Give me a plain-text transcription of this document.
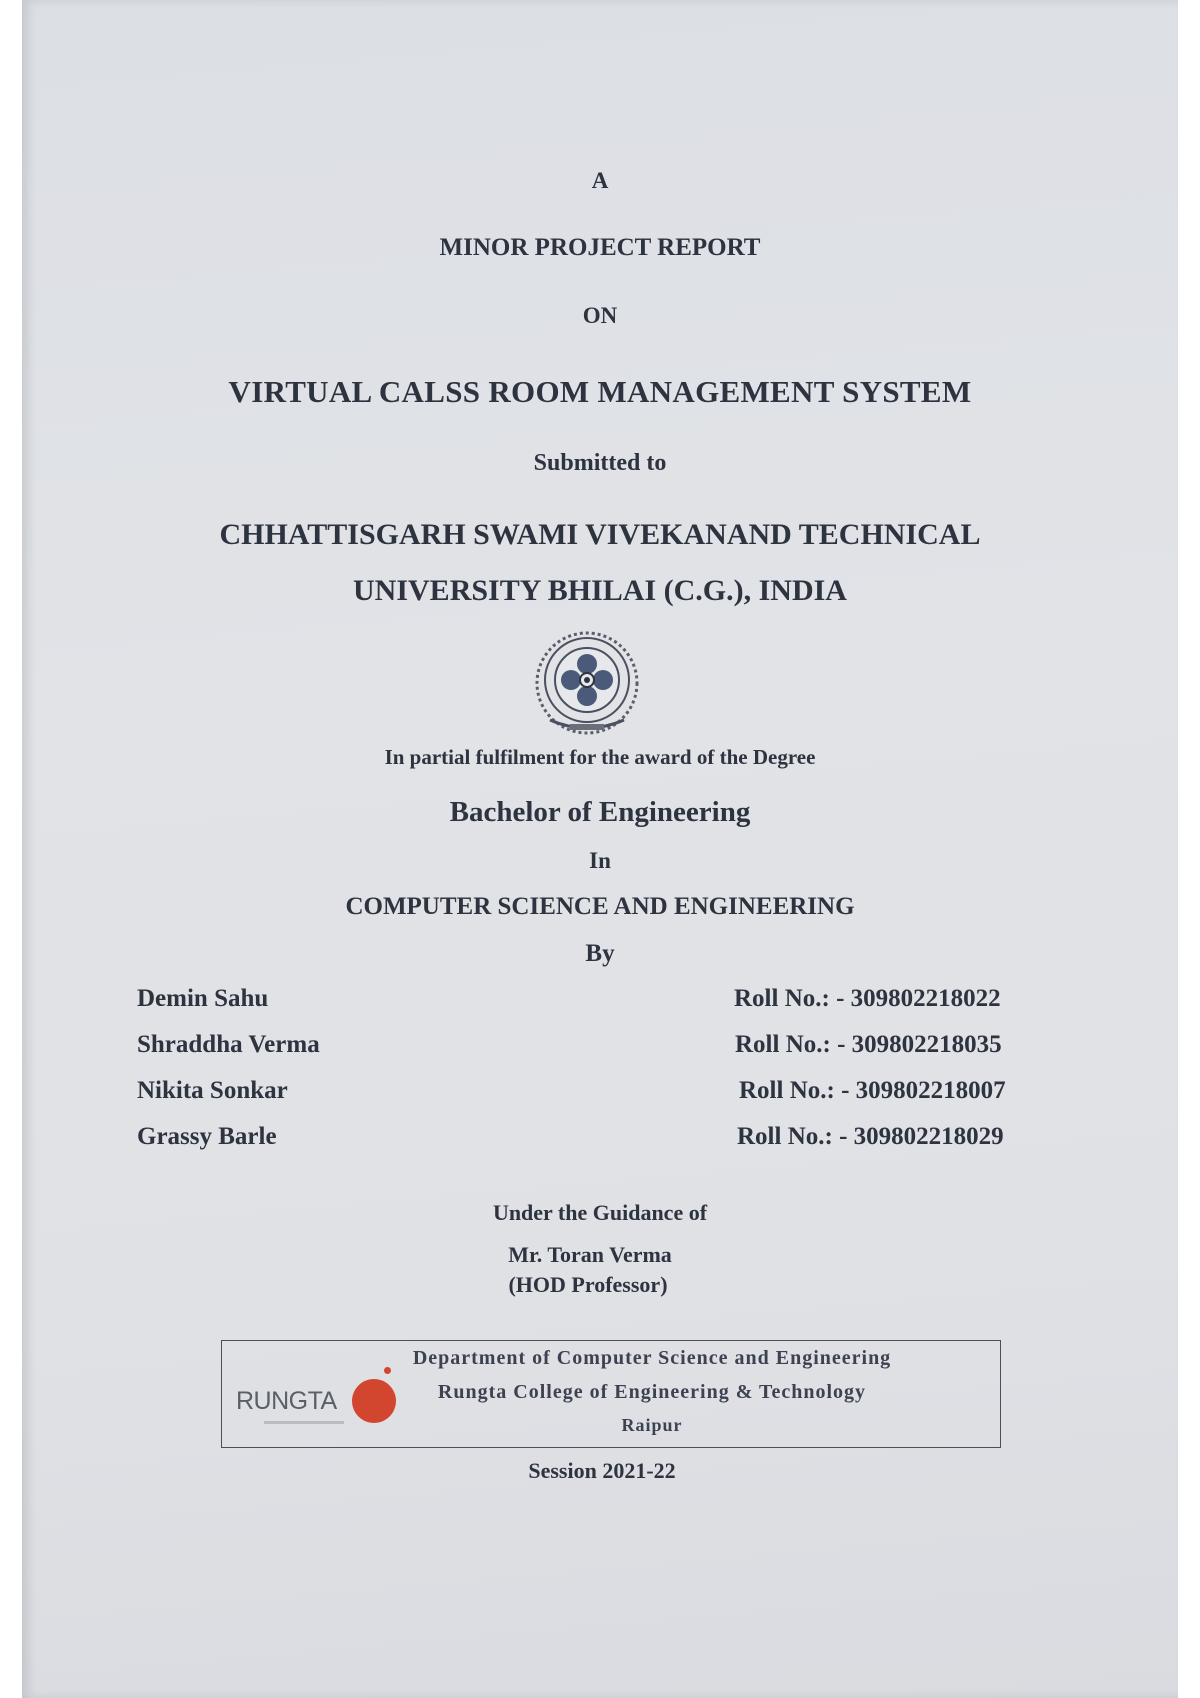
A
MINOR PROJECT REPORT
ON
VIRTUAL CALSS ROOM MANAGEMENT SYSTEM
Submitted to
CHHATTISGARH SWAMI VIVEKANAND TECHNICAL
UNIVERSITY BHILAI (C.G.), INDIA
In partial fulfilment for the award of the Degree
Bachelor of Engineering
In
COMPUTER SCIENCE AND ENGINEERING
By
Demin Sahu	Roll No.: - 309802218022
Shraddha Verma	Roll No.: - 309802218035
Nikita Sonkar	Roll No.: - 309802218007
Grassy Barle	Roll No.: - 309802218029
Under the Guidance of
Mr. Toran Verma
(HOD Professor)
RUNGTA
Department of Computer Science and Engineering
Rungta College of Engineering & Technology
Raipur
Session 2021-22
